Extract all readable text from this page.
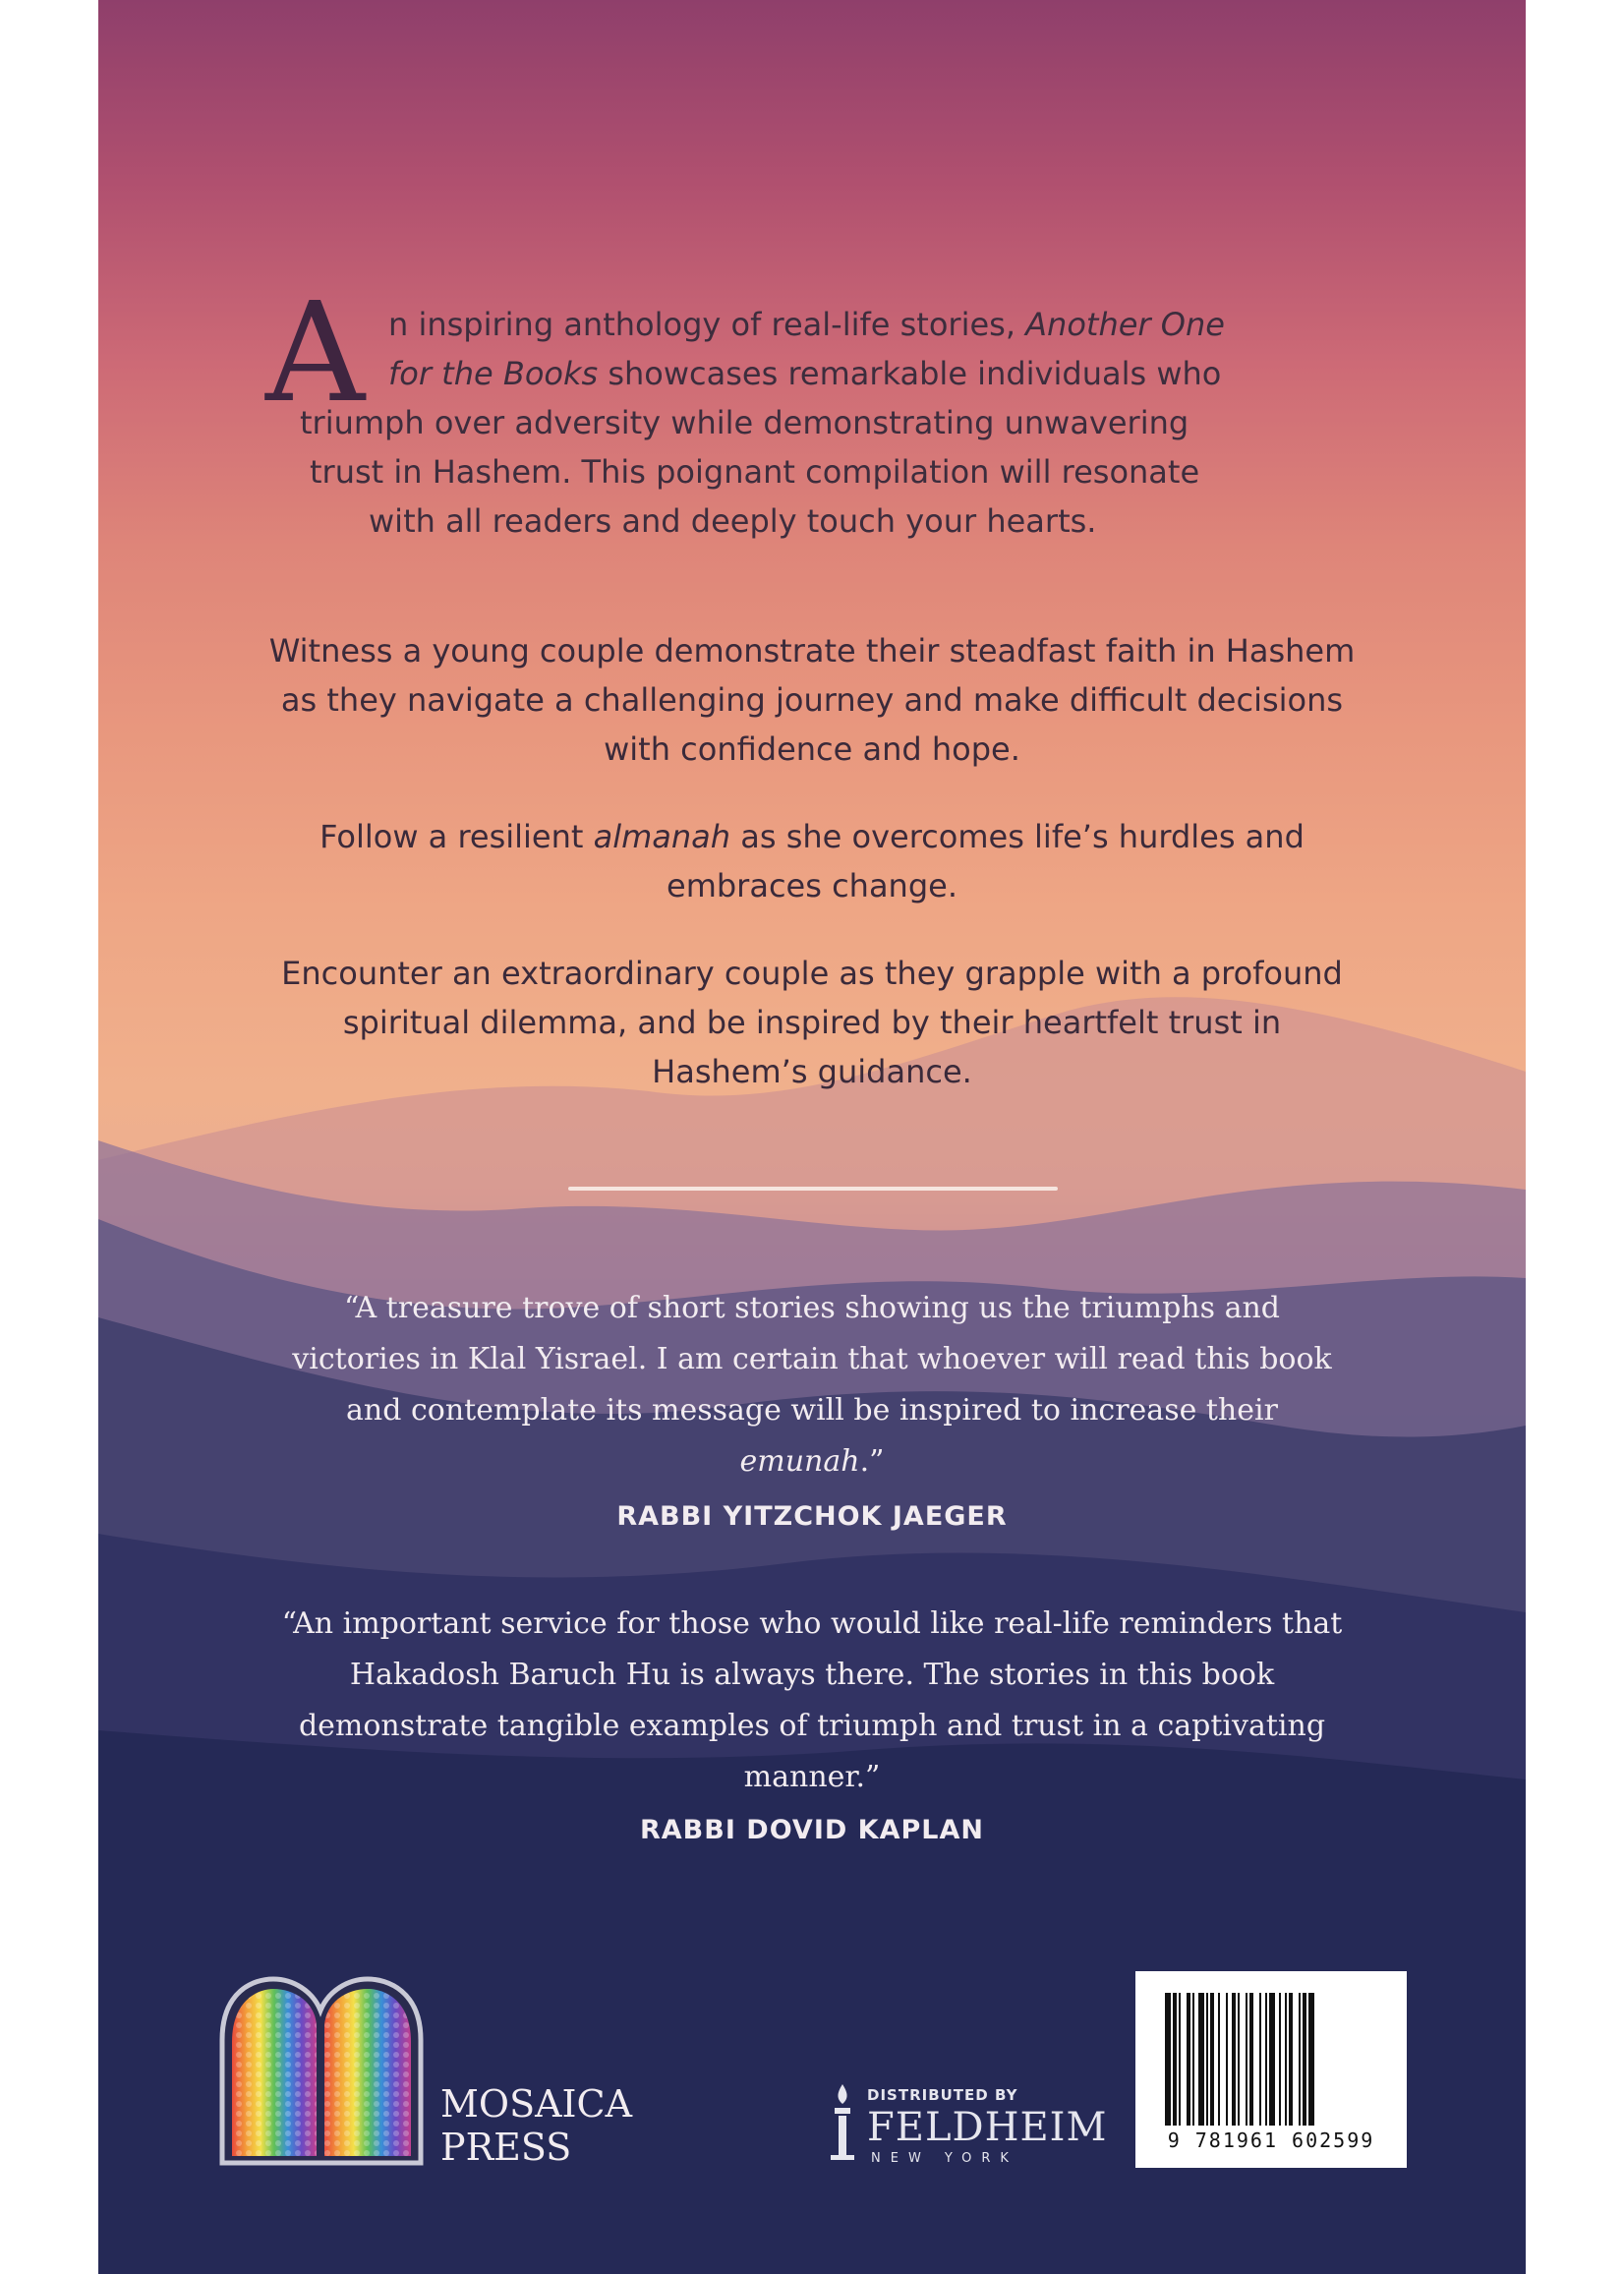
A n inspiring anthology of real-life stories, Another One
for the Books showcases remarkable individuals who
triumph over adversity while demonstrating unwavering
trust in Hashem. This poignant compilation will resonate
with all readers and deeply touch your hearts.

Witness a young couple demonstrate their steadfast faith in Hashem as they navigate a challenging journey and make difficult decisions with confidence and hope.

Follow a resilient almanah as she overcomes life’s hurdles and embraces change.

Encounter an extraordinary couple as they grapple with a profound spiritual dilemma, and be inspired by their heartfelt trust in Hashem’s guidance.

“A treasure trove of short stories showing us the triumphs and victories in Klal Yisrael. I am certain that whoever will read this book and contemplate its message will be inspired to increase their emunah.”

RABBI YITZCHOK JAEGER

“An important service for those who would like real-life reminders that Hakadosh Baruch Hu is always there. The stories in this book demonstrate tangible examples of triumph and trust in a captivating manner.”

RABBI DOVID KAPLAN

MOSAICA
PRESS
DISTRIBUTED BY
FELDHEIM
NEW YORK
9 781961 602599
